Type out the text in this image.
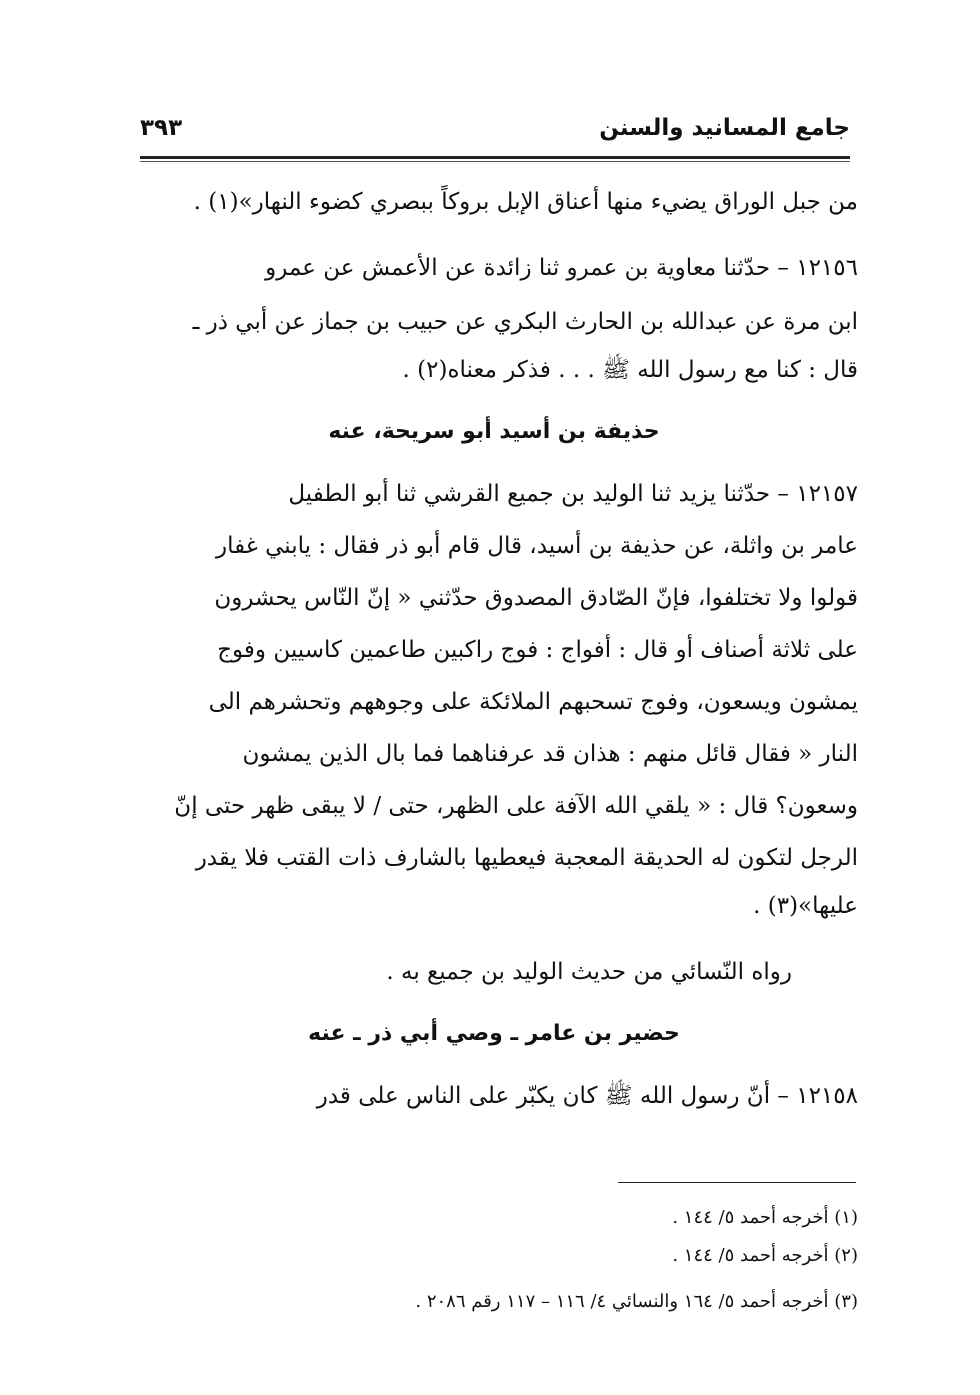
جامع المسانيد والسنن
٣٩٣
من جبل الوراق يضيء منها أعناق الإبل بروكاً ببصري كضوء النهار»(١) .
١٢١٥٦ – حدّثنا معاوية بن عمرو ثنا زائدة عن الأعمش عن عمرو
ابن مرة عن عبدالله بن الحارث البكري عن حبيب بن جماز عن أبي ذر ـ
قال : كنا مع رسول الله ﷺ . . . فذكر معناه(٢) .
حذيفة بن أسيد أبو سريحة، عنه
١٢١٥٧ – حدّثنا يزيد ثنا الوليد بن جميع القرشي ثنا أبو الطفيل
عامر بن واثلة، عن حذيفة بن أسيد، قال قام أبو ذر فقال : يابني غفار
قولوا ولا تختلفوا، فإنّ الصّادق المصدوق حدّثني « إنّ النّاس يحشرون
على ثلاثة أصناف أو قال : أفواج : فوج راكبين طاعمين كاسيين وفوج
يمشون ويسعون، وفوج تسحبهم الملائكة على وجوههم وتحشرهم الى
النار « فقال قائل منهم : هذان قد عرفناهما فما بال الذين يمشون
وسعون؟ قال : « يلقي الله الآفة على الظهر، حتى / لا يبقى ظهر حتى إنّ
الرجل لتكون له الحديقة المعجبة فيعطيها بالشارف ذات القتب فلا يقدر
عليها»(٣) .
رواه النّسائي من حديث الوليد بن جميع به .
حضير بن عامر ـ وصي أبي ذر ـ عنه
١٢١٥٨ – أنّ رسول الله ﷺ كان يكبّر على الناس على قدر
(١) أخرجه أحمد ٥/ ١٤٤ .
(٢) أخرجه أحمد ٥/ ١٤٤ .
(٣) أخرجه أحمد ٥/ ١٦٤ والنسائي ٤/ ١١٦ – ١١٧ رقم ٢٠٨٦ .
